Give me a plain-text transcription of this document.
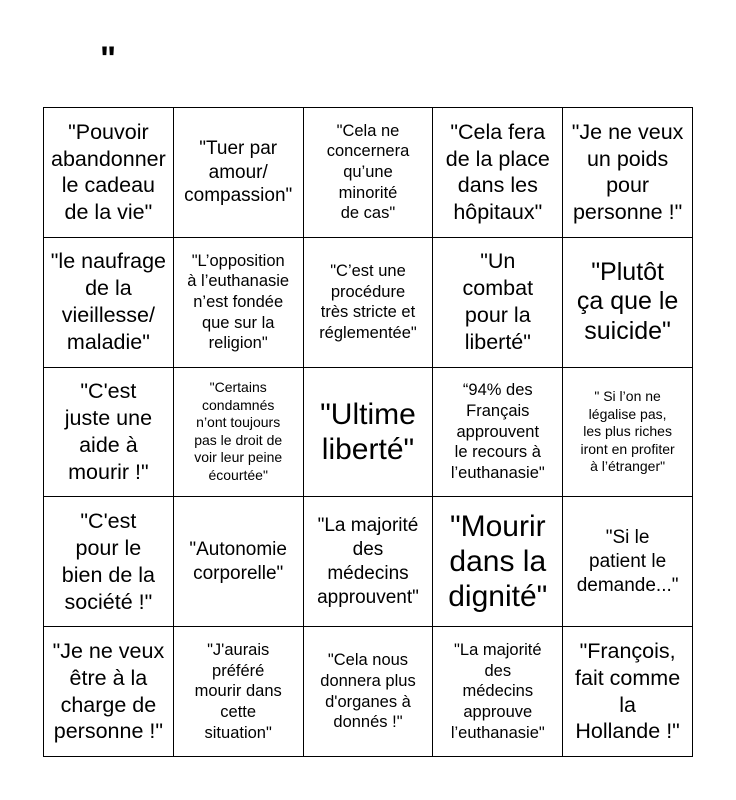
"
"Pouvoir
abandonner
le cadeau
de la vie"
"Tuer par
amour/
compassion"
"Cela ne
concernera
qu’une
minorité
de cas"
"Cela fera
de la place
dans les
hôpitaux"
"Je ne veux
un poids
pour
personne !"
"le naufrage
de la
vieillesse/
maladie"
"L’opposition
à l’euthanasie
n’est fondée
que sur la
religion"
"C’est une
procédure
très stricte et
réglementée"
"Un
combat
pour la
liberté"
"Plutôt
ça que le
suicide"
"C'est
juste une
aide à
mourir !"
"Certains
condamnés
n’ont toujours
pas le droit de
voir leur peine
écourtée"
"Ultime
liberté"
“94% des
Français
approuvent
le recours à
l’euthanasie"
" Si l’on ne
légalise pas,
les plus riches
iront en profiter
à l’étranger"
"C'est
pour le
bien de la
société !"
"Autonomie
corporelle"
"La majorité
des
médecins
approuvent"
"Mourir
dans la
dignité"
"Si le
patient le
demande..."
"Je ne veux
être à la
charge de
personne !"
"J'aurais
préféré
mourir dans
cette
situation"
"Cela nous
donnera plus
d'organes à
donnés !"
"La majorité
des
médecins
approuve
l’euthanasie"
"François,
fait comme
la
Hollande !"
